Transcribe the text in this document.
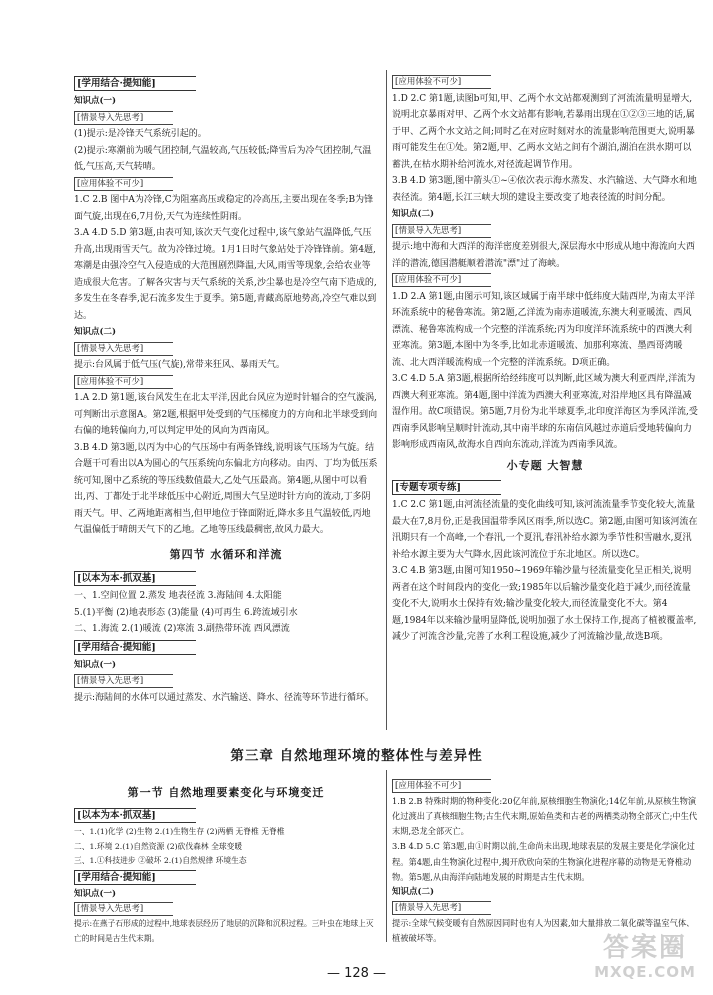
[学用结合·提知能]
知识点(一)
[情景导入先思考]
(1)提示:是冷锋天气系统引起的。
(2)提示:寒潮前为暖气团控制,气温较高,气压较低;降雪后为冷气团控制,气温低,气压高,天气转晴。
[应用体验不可少]
1.C 2.B 图中A为冷锋,C为阻塞高压或稳定的冷高压,主要出现在冬季;B为锋面气旋,出现在6,7月份,天气为连续性阴雨。
3.A 4.D 5.D 第3题,由表可知,该次天气变化过程中,该气象站气温降低,气压升高,出现雨雪天气。故为冷锋过境。1月1日时气象站处于冷锋锋前。第4题,寒潮是由强冷空气入侵造成的大范围剧烈降温,大风,雨雪等现象,会给农业等造成很大危害。了解各灾害与天气系统的关系,沙尘暴也是冷空气南下造成的,多发生在冬春季,泥石流多发生于夏季。第5题,青藏高原地势高,冷空气难以到达。
知识点(二)
[情景导入先思考]
提示:台风属于低气压(气旋),常带来狂风、暴雨天气。
[应用体验不可少]
1.A 2.D 第1题,该台风发生在北太平洋,因此台风应为逆时针辐合的空气漩涡,可判断出示意图A。第2题,根据甲处受到的气压梯度力的方向和北半球受到向右偏的地转偏向力,可以判定甲处的风向为西南风。
3.B 4.D 第3题,以丙为中心的气压场中有两条锋线,说明该气压场为气旋。结合题干可看出以A为圆心的气压系统向东偏北方向移动。由丙、丁均为低压系统可知,图中乙系统的等压线数值最大,乙处气压最高。第4题,从图中可以看出,丙、丁都处于北半球低压中心附近,周围大气呈逆时针方向的流动,丁多阴雨天气。甲、乙两地距离相当,但甲地位于锋面附近,降水多且气温较低,丙地气温偏低于晴朗天气下的乙地。乙地等压线最稠密,故风力最大。
第四节 水循环和洋流
[以本为本·抓双基]
一、1.空间位置 2.蒸发 地表径流 3.海陆间 4.太阳能
5.(1)平衡 (2)地表形态 (3)能量 (4)可再生 6.跨流域引水
二、1.海流 2.(1)暖流 (2)寒流 3.副热带环流 西风漂流
[学用结合·提知能]
知识点(一)
[情景导入先思考]
提示:海陆间的水体可以通过蒸发、水汽输送、降水、径流等环节进行循环。
[应用体验不可少]
1.D 2.C 第1题,读图b可知,甲、乙两个水文站都观测到了河流流量明显增大,说明北京暴雨对甲、乙两个水文站都有影响,若暴雨出现在①②③三地的话,属于甲、乙两个水文站之间;同时乙在对应时刻对水的流量影响范围更大,说明暴雨可能发生在①处。第2题,甲、乙两水文站之间有个湖泊,湖泊在洪水期可以蓄洪,在枯水期补给河流水,对径流起调节作用。
3.B 4.D 第3题,图中箭头①~④依次表示海水蒸发、水汽输送、大气降水和地表径流。第4题,长江三峡大坝的建设主要改变了地表径流的时间分配。
知识点(二)
[情景导入先思考]
提示:地中海和大西洋的海洋密度差别很大,深层海水中形成从地中海流向大西洋的潜流,德国潜艇顺着潜流"漂"过了海峡。
[应用体验不可少]
1.D 2.A 第1题,由图示可知,该区域属于南半球中低纬度大陆西岸,为南太平洋环流系统中的秘鲁寒流。第2题,乙洋流为南赤道暖流,东澳大利亚暖流、西风漂流、秘鲁寒流构成一个完整的洋流系统;丙为印度洋环流系统中的西澳大利亚寒流。第3题,本图中为冬季,比如北赤道暖流、加那利寒流、墨西哥湾暖流、北大西洋暖流构成一个完整的洋流系统。D项正确。
3.C 4.D 5.A 第3题,根据所给经纬度可以判断,此区域为澳大利亚西岸,洋流为西澳大利亚寒流。第4题,图中洋流为西澳大利亚寒流,对沿岸地区具有降温减湿作用。故C项错误。第5题,7月份为北半球夏季,北印度洋海区为季风洋流,受西南季风影响呈顺时针流动,其中南半球的东南信风越过赤道后受地转偏向力影响形成西南风,故海水自西向东流动,洋流为西南季风流。
小专题 大智慧
[专题专项专练]
1.C 2.C 第1题,由河流径流量的变化曲线可知,该河流流量季节变化较大,流量最大在7,8月份,正是我国温带季风区雨季,所以选C。第2题,由图可知该河流在汛期只有一个高峰,一个春汛,一个夏汛,春汛补给水源为季节性积雪融水,夏汛补给水源主要为大气降水,因此该河流位于东北地区。所以选C。
3.C 4.B 第3题,由图可知1950~1969年输沙量与径流量变化呈正相关,说明两者在这个时间段内的变化一致;1985年以后输沙量变化趋于减少,而径流量变化不大,说明水土保持有效;输沙量变化较大,而径流量变化不大。第4题,1984年以来输沙量明显降低,说明加强了水土保持工作,提高了植被覆盖率,减少了河流含沙量,完善了水利工程设施,减少了河流输沙量,故选B项。
第三章 自然地理环境的整体性与差异性
第一节 自然地理要素变化与环境变迁
[以本为本·抓双基]
一、1.(1)化学 (2)生物 2.(1)生物生存 (2)两栖 无脊椎 无脊椎
二、1.环境 2.(1)自然资源 (2)砍伐森林 全球变暖
三、1.①科技进步 ②破坏 2.(1)自然规律 环境生态
[学用结合·提知能]
知识点(一)
[情景导入先思考]
提示:在燕子石形成的过程中,地球表层经历了地层的沉降和沉积过程。三叶虫在地球上灭亡的时间是古生代末期。
[应用体验不可少]
1.B 2.B 特殊时期的物种变化:20亿年前,原核细胞生物演化;14亿年前,从原核生物演化过渡出了真核细胞生物;古生代末期,原始鱼类和古老的两栖类动物全部灭亡;中生代末期,恐龙全部灭亡。
3.B 4.D 5.C 第3题,由①时期以前,生命尚未出现,地球表层的发展主要是化学演化过程。第4题,由生物演化过程中,揭开欣欣向荣的生物演化进程序幕的动物是无脊椎动物。第5题,从由海洋向陆地发展的时期是古生代末期。
知识点(二)
[情景导入先思考]
提示:全球气候变暖有自然原因同时也有人为因素,如大量排放二氧化碳等温室气体、植被破坏等。
— 128 —
答案圈
MXQE.COM
